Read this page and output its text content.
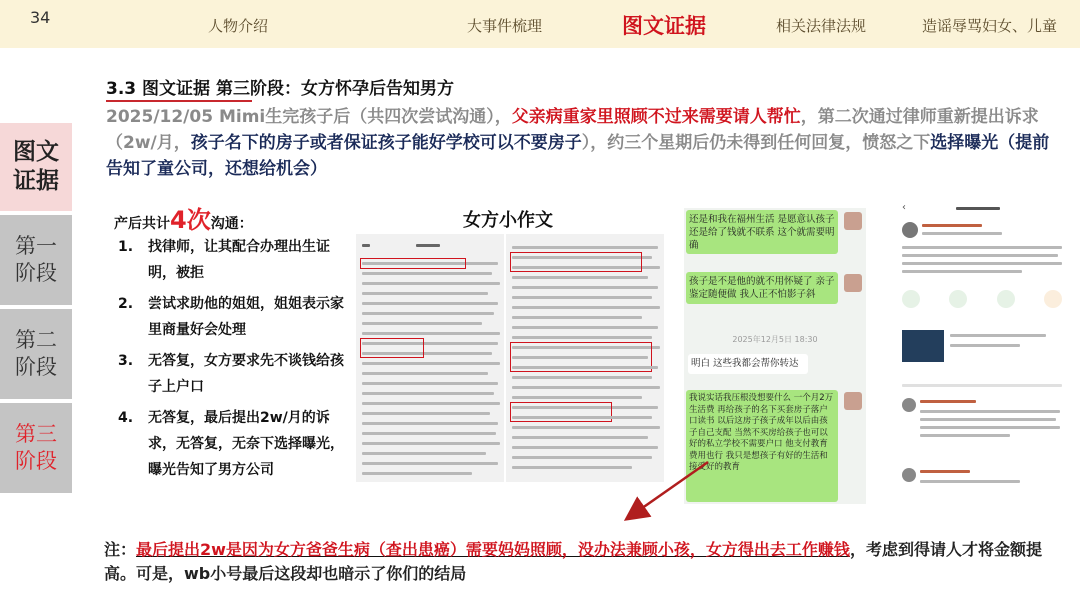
34	人物介绍	大事件梳理	图文证据	相关法律法规	造谣辱骂妇女、儿童
图文
证据
第一
阶段
第二
阶段
第三
阶段
3.3 图文证据 第三阶段：女方怀孕后告知男方

2025/12/05 Mimi生完孩子后（共四次尝试沟通），父亲病重家里照顾不过来需要请人帮忙，第二次通过律师重新提出诉求（2w/月，孩子名下的房子或者保证孩子能好学校可以不要房子），约三个星期后仍未得到任何回复，愤怒之下选择曝光（提前告知了童公司，还想给机会）

产后共计4次沟通：
1. 找律师，让其配合办理出生证明，被拒
2. 尝试求助他的姐姐，姐姐表示家里商量好会处理
3. 无答复，女方要求先不谈钱给孩子上户口
4. 无答复，最后提出2w/月的诉求，无答复，无奈下选择曝光，曝光告知了男方公司
女方小作文	还是和我在福州生活 是愿意认孩子 还是给了钱就不联系 这个就需要明确
孩子是不是他的就不用怀疑了 亲子鉴定随便做 我人正不怕影子斜
2025年12月5日 18:30
明白 这些我都会帮你转达
我说实话我压根没想要什么 一个月2万生活费 再给孩子的名下买套房子落户口读书 以后这房子孩子成年以后由孩子自己支配 当然不买房给孩子也可以 好的私立学校不需要户口 他支付教育费用也行 我只是想孩子有好的生活和接受好的教育
‹

注：最后提出2w是因为女方爸爸生病（查出患癌）需要妈妈照顾，没办法兼顾小孩，女方得出去工作赚钱，考虑到得请人才将金额提高。可是，wb小号最后这段却也暗示了你们的结局
